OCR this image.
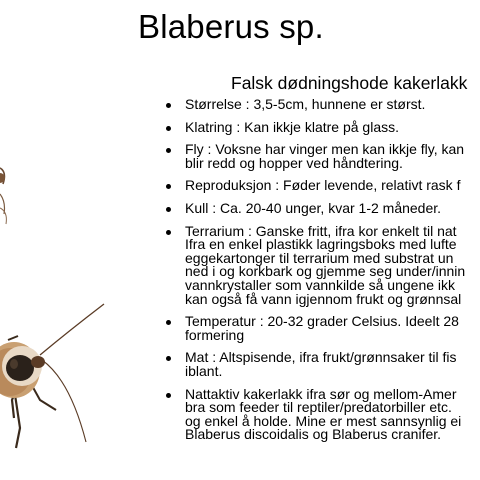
Blaberus sp.
Falsk dødningshode kakerlakk
Størrelse : 3,5-5cm, hunnene er størst.
Klatring : Kan ikkje klatre på glass.
Fly : Voksne har vinger men kan ikkje fly, kan
blir redd og hopper ved håndtering.
Reproduksjon : Føder levende, relativt rask f
Kull : Ca. 20-40 unger, kvar 1-2 måneder.
Terrarium : Ganske fritt, ifra kor enkelt til nat
Ifra en enkel plastikk lagringsboks med lufte
eggekartonger til terrarium med substrat un
ned i og korkbark og gjemme seg under/innin
vannkrystaller som vannkilde så ungene ikk
kan også få vann igjennom frukt og grønnsal
Temperatur : 20-32 grader Celsius. Ideelt 28
formering
Mat : Altspisende, ifra frukt/grønnsaker til fis
iblant.
Nattaktiv kakerlakk ifra sør og mellom-Amer
bra som feeder til reptiler/predatorbiller etc.
og enkel å holde. Mine er mest sannsynlig ei
Blaberus discoidalis og Blaberus cranifer.
